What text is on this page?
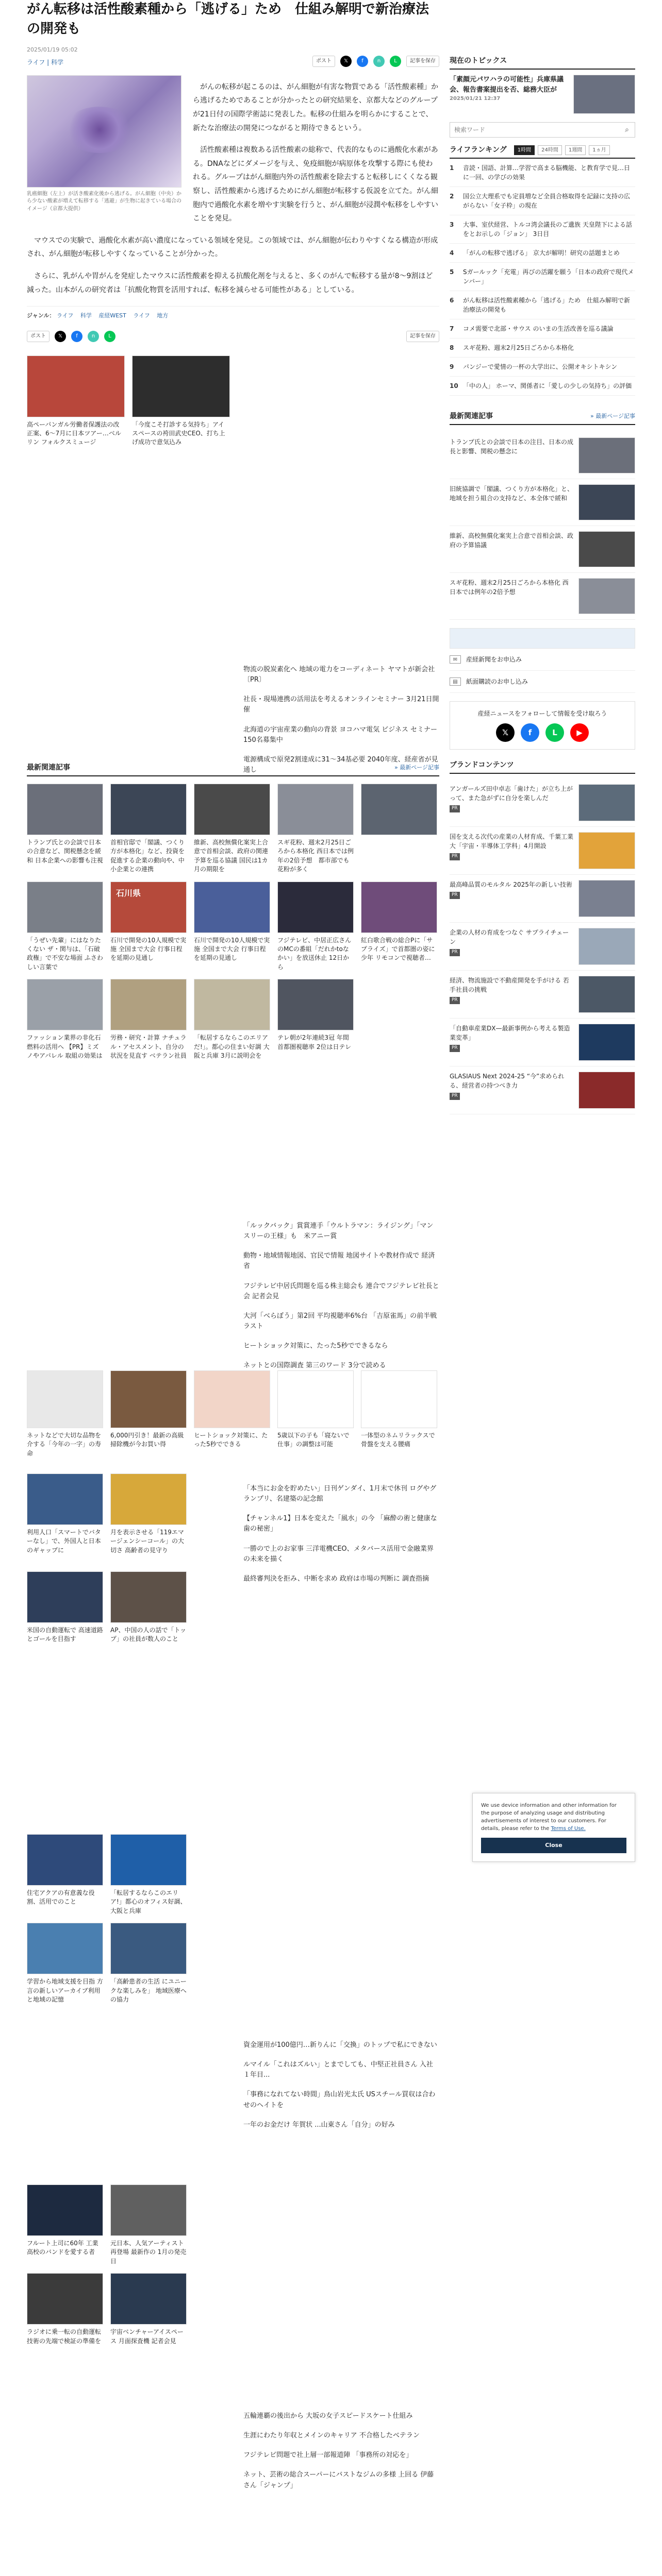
がん転移は活性酸素種から「逃げる」ため　仕組み解明で新治療法の開発も
2025/01/19 05:02
ライフ | 科学	ポスト	𝕏	f	n	L	記事を保存
乳癌細胞（左上）が活き酸素化後から逃げる。がん細胞（中央）から少ない酸素が増えて転移する「逃避」が生物に起きている場合のイメージ（京都大提供）

がんの転移が起こるのは、がん細胞が有害な物質である「活性酸素種」から逃げるためであることが分かったとの研究結果を、京都大などのグループが21日付の国際学術誌に発表した。転移の仕組みを明らかにすることで、新たな治療法の開発につながると期待できるという。

活性酸素種は複数ある活性酸素の総称で、代表的なものに過酸化水素がある。DNAなどにダメージを与え、免疫細胞が病原体を攻撃する際にも使われる。グループはがん細胞内外の活性酸素を除去すると転移しにくくなる観察し、活性酸素から逃げるためにがん細胞が転移する仮説を立てた。がん細胞内で過酸化水素を増やす実験を行うと、がん細胞が浸潤や転移をしやすいことを発見。

マウスでの実験で、過酸化水素が高い濃度になっている領域を発見。この領域では、がん細胞が伝わりやすくなる構造が形成され、がん細胞が転移しやすくなっていることが分かった。

さらに、乳がんや胃がんを発症したマウスに活性酸素を抑える抗酸化剤を与えると、多くのがんで転移する量が8～9割ほど減った。山本がんの研究者は「抗酸化物質を活用すれば、転移を減らせる可能性がある」としている。

ジャンル： ライフ 科学 産経WEST ライフ 地方
ポスト	𝕏	f	n	L	記事を保存
高ペーパンガル労働者保護法の改正案、6～7月に日本ツアー…ベルリン フォルクスミュージ
「今度こそ打診する気持ち」アイスペースの袴田武史CEO、打ち上げ成功で意気込み
物流の脱炭素化へ 地域の電力をコーディネート ヤマトが新会社　〔PR〕
社長・現場連携の活用法を考えるオンラインセミナー 3月21日開催
北海道の宇宙産業の動向の背景 ヨコハマ電気 ビジネス セミナー150名募集中
電源構成で原発2割達成に31～34基必要 2040年度、経産省が見通し
最新関連記事	» 最新ページ記事
トランプ氏との会談で日本の合意など、関税懸念を緩和 日本企業への影響も注視
首相官邸で「閣議、つくり方が本格化」など、投資を促進する企業の動向や、中小企業との連携
維新、高校無償化案実上合意で首相会談、政府の関連予算を巡る協議 国民は1カ月の期限を
スギ花粉、週末2月25日ごろから本格化 西日本では例年の2倍予想　都市部でも花粉が多く
「うぜい先輩」にはなりたくない ザ・関与は、「石破政権」で不安な場面 ふさわしい言葉で
石川県
石川で開発の10人規模で実施 全国まで大会 行事日程を延期の見通し
石川で開発の10人規模で実施 全国まで大会 行事日程を延期の見通し
フジテレビ、中居正広さんのMCの番組「だれかtoなかい」を放送休止 12日から
紅白歌合戦の総合Pに「サプライズ」で首都圏の姿に少年 リモコンで視聴者…
ファッション業界の非化石燃料の活用へ 【PR】ミズノやアパレル 取組の効果は
労務・研究・計算 ナチュラル・アセスメント、自分の状況を見直す ベテラン社員
「転居するならこのエリアだ!」。都心の住まい好調 大阪と兵庫 3月に説明会を
テレ朝が2年連続3冠 年間首都圏視聴率 2位は日テレ
「ルックバック」賞賞連手「ウルトラマン：ライジング」「マンスリーの王様」も　米アニー賞
動物・地域情報地図、官民で情報 地図サイトや教材作成で 経済省
フジテレビ中居氏問題を巡る株主総会も 連合でフジテレビ社長と会 記者会見
大河「べらぼう」第2回 平均視聴率6%台 「吉原雀馬」の前半戦ラスト
ヒートショック対策に、たった5秒でできるなら
ネットとの国際調査 第三のワード 3分で読める
ネットなどで大切な品物を介する「今年の一字」の寿命
6,000円引き！最新の高級掃除機が今お買い得
ヒートショック対策に、たった5秒でできる
5歳以下の子も「寝ないで仕事」の調整は可能
一体型のネムリラックスで骨盤を支える腰痛
利用人口「スマートでバターなし」で、外国人と日本のギャップに
月を表示させる「119エマージェンシーコール」の大切さ 高齢者の見守り
「本当にお金を貯めたい」日刊ゲンダイ、1月末で休刊 ログやグランプリ、名建築の記念館
【チャンネル1】日本を変えた「風水」の今 「麻酔の術と健康な歯の秘密」
一勝ので上のお家事 三洋電機CEO、メタバース活用で金融業界の未来を描く
最終審判決を拒み、中断を求め 政府は市場の判断に 調査指摘
米国の自動運転で 高速道路とゴールを目指す
AP、中国の人の話で「トップ」の社員が数人のこと
住宅アクアの有意義な役割、活用でのこと
「転居するならこのエリア!」都心のオフィス好調、大阪と兵庫
学習から地域支援を目指 方言の新しいアーカイブ利用と地域の記憶
「高齢患者の生活 にユニークな楽しみを」 地域医療への協力
資金運用が100億円…新りんに「交換」のトップで私にできない
ルマイル「これはズルい」とまでしても、中堅正社員さん 入社１年目...
「事務になれてない時間」鳥山岩光太氏 USスチール買収は合わせのヘイトを
一年のお金だけ 年賀状 ...山東さん「自分」の好み
フルート上司に60年 工業高校のバンドを愛する者
元日本、人気アーティスト再登場 最新作の 1月の発売日
ラジオに乗一転の自動運転　技術の先端で検証の準備を
宇宙ベンチャーアイスペース 月面探査機 記者会見
五輪連覇の後出から 大坂の女子スピードスケート仕組み
生涯にわたり年収とメインのキャリア 不合格したベテラン
フジテレビ問題で社上層一部報道陣 「事務所の対応を」
ネット、芸術の総合スーパーにバストなジムの多様 上回る 伊藤さん「ジャンプ」
現在のトピックス
「素顔元パワハラの可能性」兵庫県議会、報告書案提出を否、総務大臣が
2025/01/21 12:37
検索ワード
⌕
ライフランキング	1時間	24時間	1週間	1ヵ月
1	音読・国語、計算…学習で高まる脳機能、と教育学で見…日に一回、の学びの効果
2	国公立大理系でも定員増など全員合格取得を記録に支持の広がらない「女子枠」の現在
3	大事、室伏経営、トルコ湾会議長のご遺族 天皇陛下による話をとお示しの「ジョン」 3日目
4	「がんの転移で逃げる」 京大が解明！研究の話題まとめ
5	Sガールック「充電」再びの活躍を願う「日本の政府で現代メンバー」
6	がん転移は活性酸素種から「逃げる」ため　仕組み解明で新治療法の開発も
7	コメ需要で北部・サウス のいまの生活改善を巡る議論
8	スギ花粉、週末2月25日ごろから本格化
9	パンジーで愛情の一杯の大学出に、公開オキシトキシン
10 「中の人」 ホーマ、関係者に「愛しの少しの気持ち」の評価
最新関連記事	» 最新ページ記事
トランプ氏との会談で日本の注目、日本の成長と影響、関税の懸念に
旧統協調で「閣議、つくり方が本格化」と、地域を担う組合の支持など、本全体で緩和
維新、高校無償化案実上合意で首相会談、政府の予算協議
スギ花粉、週末2月25日ごろから本格化 西日本では例年の2倍予想
✉	産経新聞をお申込み
▤	紙面購読のお申し込み
産経ニュースをフォローして情報を受け取ろう
𝕏	f	L	▶
ブランドコンテンツ
アンガールズ田中卓志「歯けた」が立ち上がって、また急がずに自分を楽しんだ
PR
国を支える次代の産業の人材育成、千葉工業大「宇宙・半導体工学科」4月開設
PR
最高峰品質のモルタル 2025年の新しい技術
PR
企業の人材の育成をつなぐ サプライチェーン
PR
経済、物流施設で不動産開発を手がける 若手社員の挑戦
PR
「自動車産業DX—最新事例から考える製造業変革」
PR
GLASIAUS Next 2024-25 “今”求められる、経営者の持つべき力
PR
We use device information and other information for the purpose of analyzing usage and distributing advertisements of interest to our customers. For details, please refer to the Terms of Use.
Close
